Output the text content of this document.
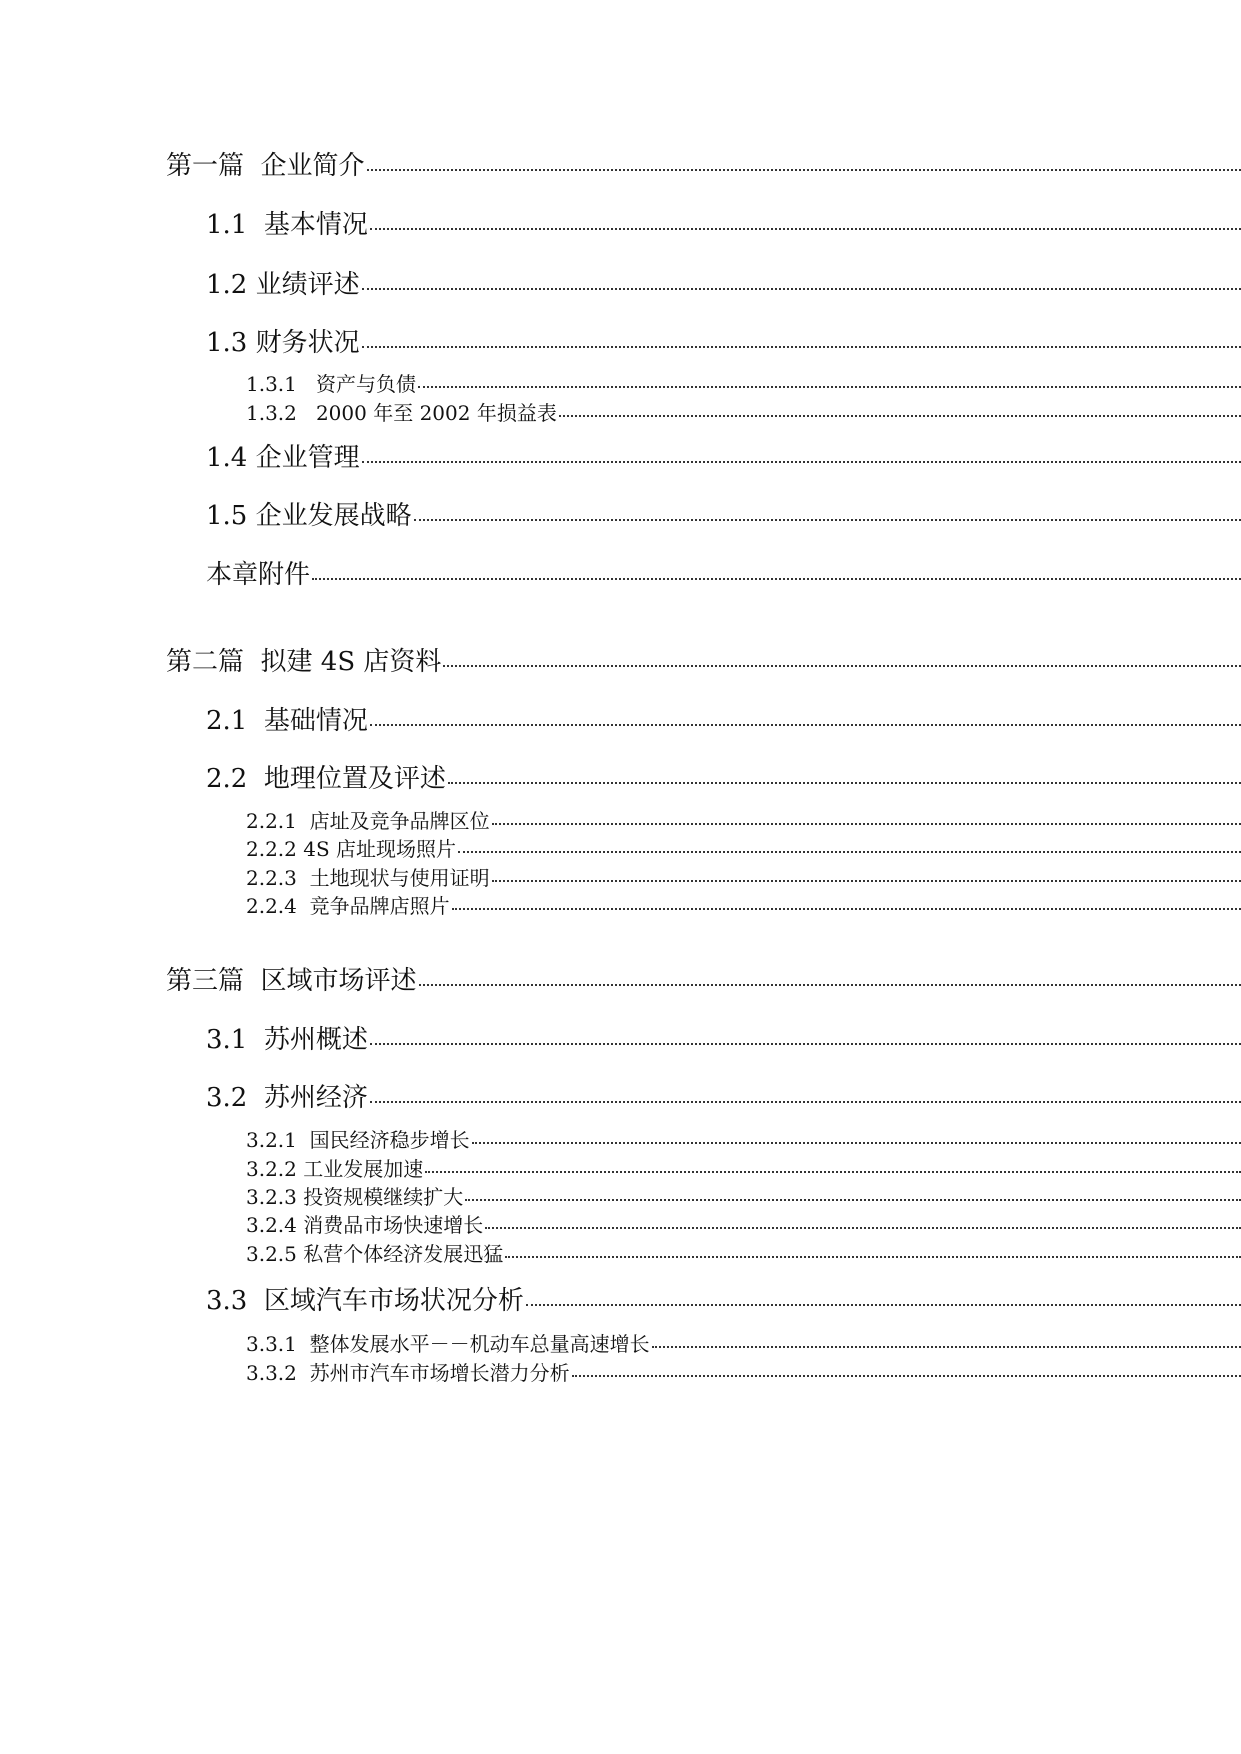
第一篇  企业简介
1.1  基本情况
1.2 业绩评述
1.3 财务状况
1.3.1   资产与负债
1.3.2   2000 年至 2002 年损益表
1.4 企业管理
1.5 企业发展战略
本章附件
第二篇  拟建 4S 店资料
2.1  基础情况
2.2  地理位置及评述
2.2.1  店址及竞争品牌区位
2.2.2 4S 店址现场照片
2.2.3  土地现状与使用证明
2.2.4  竞争品牌店照片
第三篇  区域市场评述
3.1  苏州概述
3.2  苏州经济
3.2.1  国民经济稳步增长
3.2.2 工业发展加速
3.2.3 投资规模继续扩大
3.2.4 消费品市场快速增长
3.2.5 私营个体经济发展迅猛
3.3  区域汽车市场状况分析
3.3.1  整体发展水平－－机动车总量高速增长
3.3.2  苏州市汽车市场增长潜力分析
